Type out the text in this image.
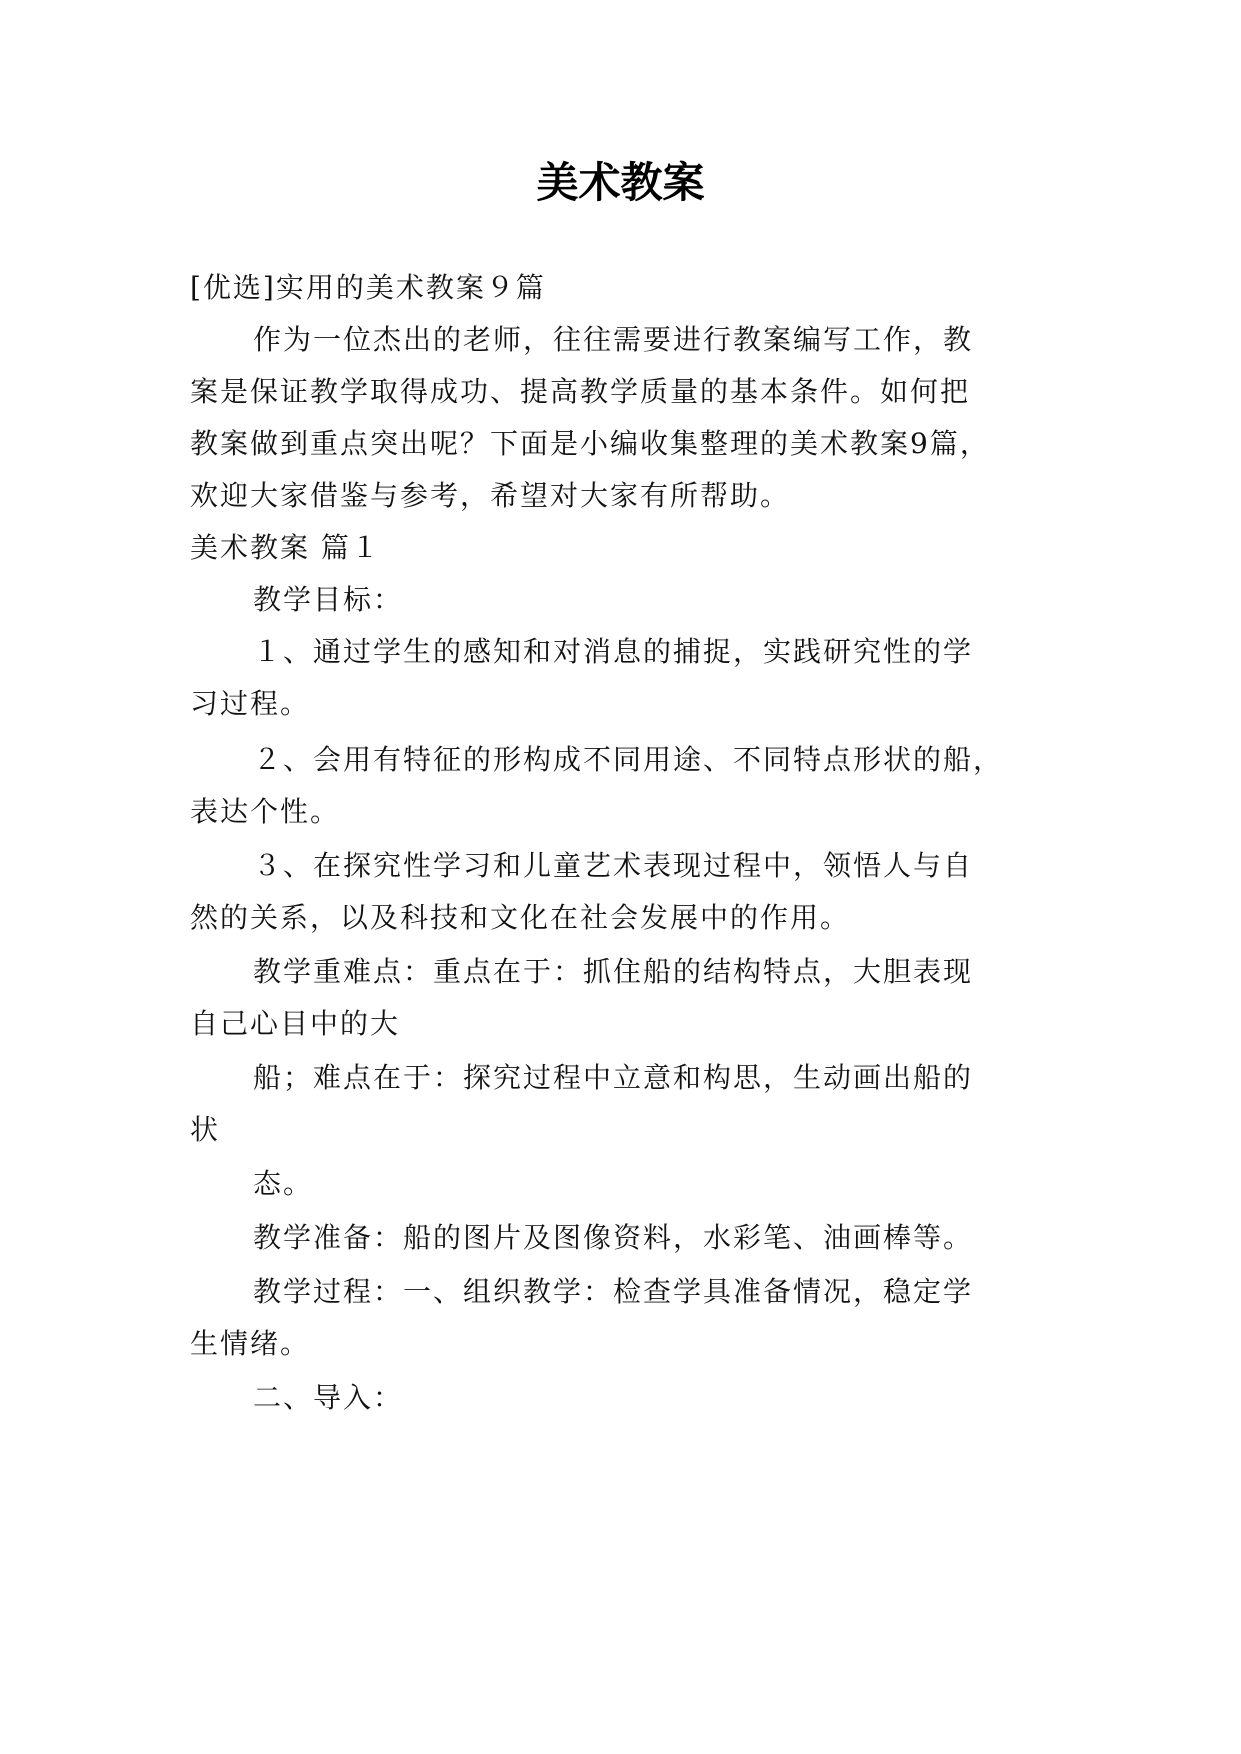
美术教案
[优选]实用的美术教案９篇
作为一位杰出的老师，往往需要进行教案编写工作，教
案是保证教学取得成功、提高教学质量的基本条件。如何把
教案做到重点突出呢？下面是小编收集整理的美术教案9篇，
欢迎大家借鉴与参考，希望对大家有所帮助。
美术教案 篇１
教学目标：
１、通过学生的感知和对消息的捕捉，实践研究性的学
习过程。
２、会用有特征的形构成不同用途、不同特点形状的船，
表达个性。
３、在探究性学习和儿童艺术表现过程中，领悟人与自
然的关系，以及科技和文化在社会发展中的作用。
教学重难点：重点在于：抓住船的结构特点，大胆表现
自己心目中的大
船；难点在于：探究过程中立意和构思，生动画出船的
状
态。
教学准备：船的图片及图像资料，水彩笔、油画棒等。
教学过程：一、组织教学：检查学具准备情况，稳定学
生情绪。
二、导入：
